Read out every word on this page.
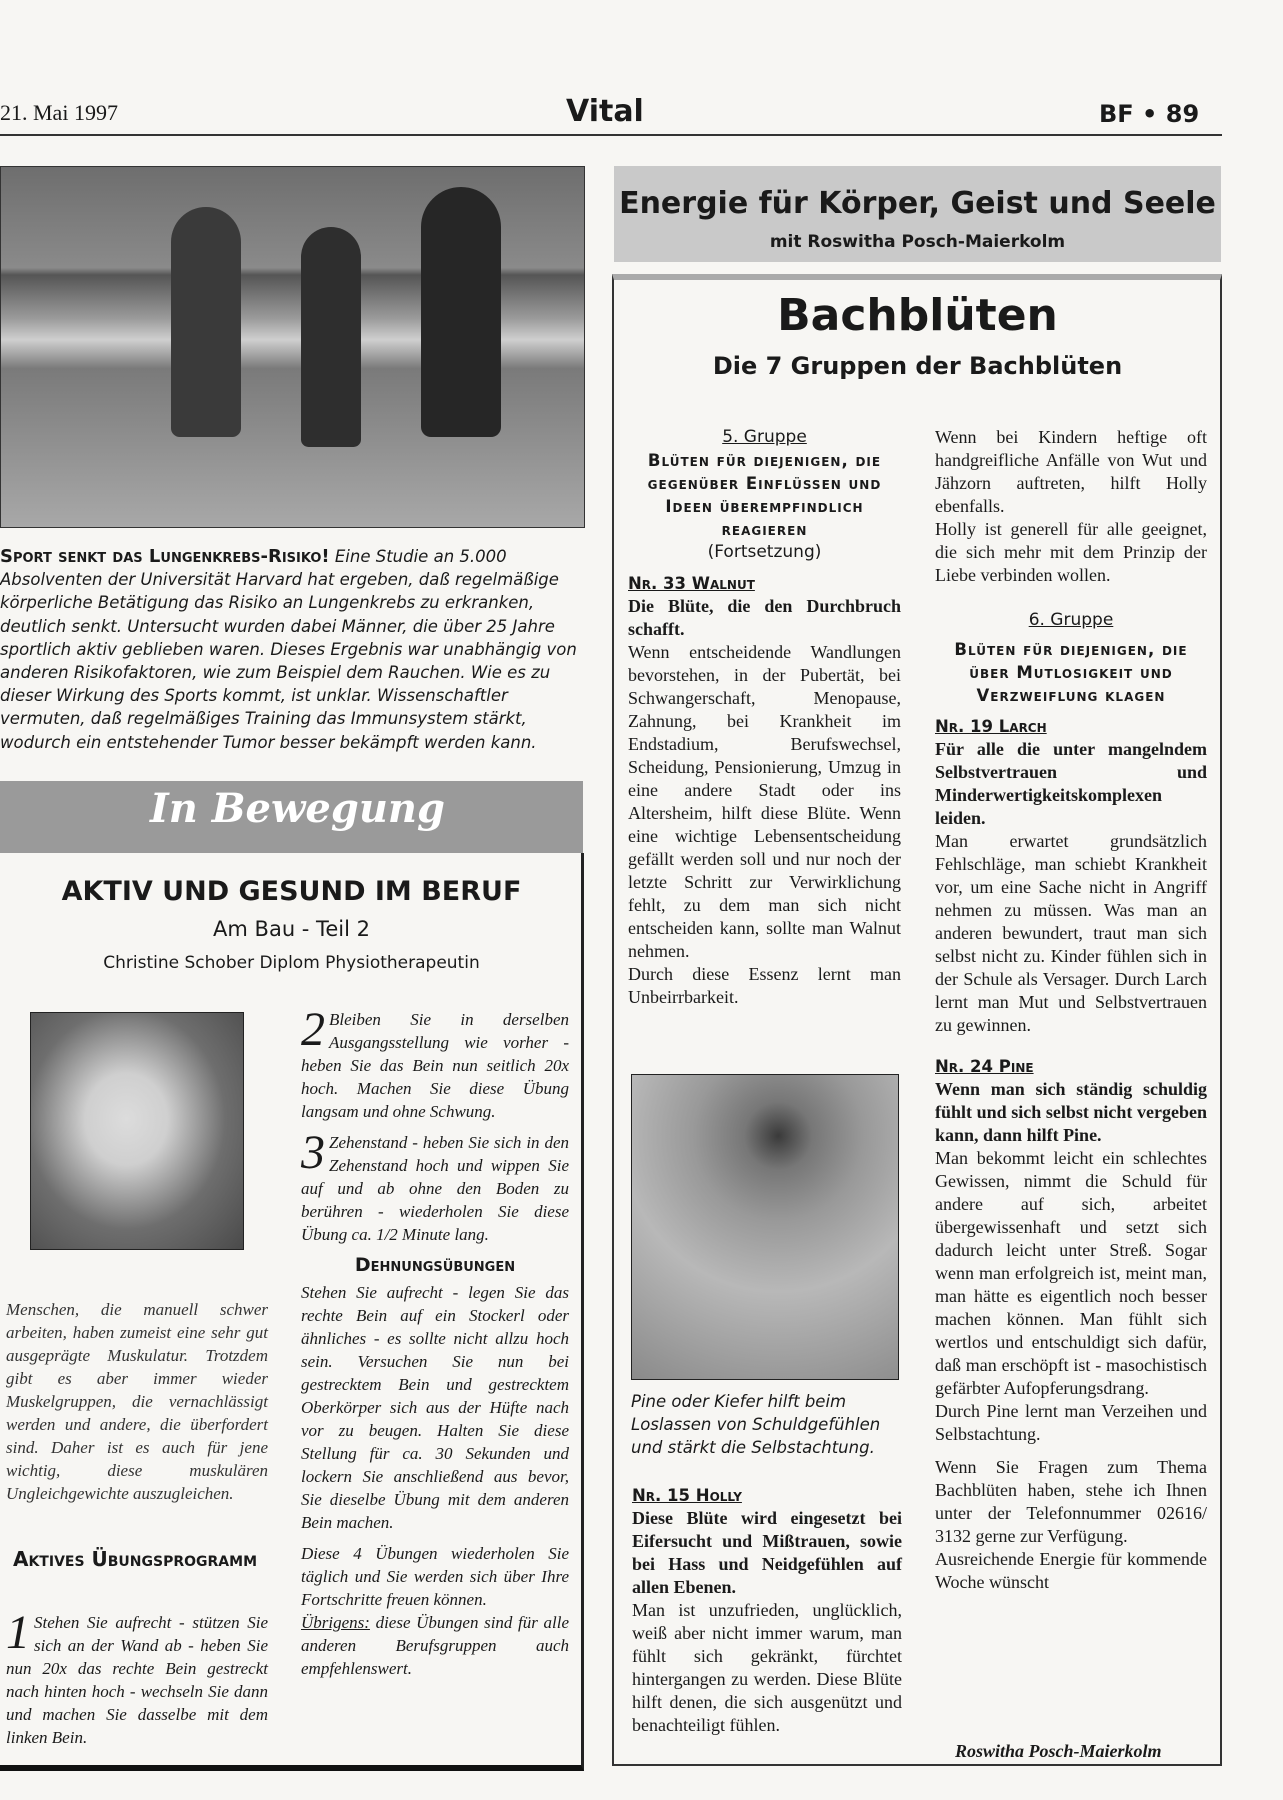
21. Mai 1997	Vital	BF • 89
Sport senkt das Lungenkrebs-Risiko! Eine Studie an 5.000 Absolventen der Universität Harvard hat ergeben, daß regelmäßige körperliche Betätigung das Risiko an Lungenkrebs zu erkranken, deutlich senkt. Untersucht wurden dabei Männer, die über 25 Jahre sportlich aktiv geblieben waren. Dieses Ergebnis war unabhängig von anderen Risikofaktoren, wie zum Beispiel dem Rauchen. Wie es zu dieser Wirkung des Sports kommt, ist unklar. Wissenschaftler vermuten, daß regelmäßiges Training das Immunsystem stärkt, wodurch ein entstehender Tumor besser bekämpft werden kann.
In Bewegung
AKTIV UND GESUND IM BERUF
Am Bau - Teil 2
Christine Schober Diplom Physiotherapeutin
Menschen, die manuell schwer arbeiten, haben zumeist eine sehr gut ausgeprägte Muskulatur. Trotzdem gibt es aber immer wieder Muskelgruppen, die vernachlässigt werden und andere, die überfordert sind. Daher ist es auch für jene wichtig, diese muskulären Ungleichgewichte auszugleichen.
Aktives Übungsprogramm
1 Stehen Sie aufrecht - stützen Sie sich an der Wand ab - heben Sie nun 20x das rechte Bein gestreckt nach hinten hoch - wechseln Sie dann und machen Sie dasselbe mit dem linken Bein.

2 Bleiben Sie in derselben Ausgangsstellung wie vorher - heben Sie das Bein nun seitlich 20x hoch. Machen Sie diese Übung langsam und ohne Schwung.

3 Zehenstand - heben Sie sich in den Zehenstand hoch und wippen Sie auf und ab ohne den Boden zu berühren - wiederholen Sie diese Übung ca. 1/2 Minute lang.

Dehnungsübungen

Stehen Sie aufrecht - legen Sie das rechte Bein auf ein Stockerl oder ähnliches - es sollte nicht allzu hoch sein. Versuchen Sie nun bei gestrecktem Bein und gestrecktem Oberkörper sich aus der Hüfte nach vor zu beugen. Halten Sie diese Stellung für ca. 30 Sekunden und lockern Sie anschließend aus bevor, Sie dieselbe Übung mit dem anderen Bein machen.

Diese 4 Übungen wiederholen Sie täglich und Sie werden sich über Ihre Fortschritte freuen können.

Übrigens: diese Übungen sind für alle anderen Berufsgruppen auch empfehlenswert.

Energie für Körper, Geist und Seele
mit Roswitha Posch-Maierkolm
Bachblüten
Die 7 Gruppen der Bachblüten

5. Gruppe

Blüten für diejenigen, die gegenüber Einflüssen und Ideen überempfindlich reagieren

(Fortsetzung)

Nr. 33 Walnut

Die Blüte, die den Durchbruch schafft.

Wenn entscheidende Wandlungen bevorstehen, in der Pubertät, bei Schwangerschaft, Menopause, Zahnung, bei Krankheit im Endstadium, Berufswechsel, Scheidung, Pensionierung, Umzug in eine andere Stadt oder ins Altersheim, hilft diese Blüte. Wenn eine wichtige Lebensentscheidung gefällt werden soll und nur noch der letzte Schritt zur Verwirklichung fehlt, zu dem man sich nicht entscheiden kann, sollte man Walnut nehmen.

Durch diese Essenz lernt man Unbeirrbarkeit.

Pine oder Kiefer hilft beim Loslassen von Schuldgefühlen und stärkt die Selbstachtung.

Nr. 15 Holly

Diese Blüte wird eingesetzt bei Eifersucht und Mißtrauen, sowie bei Hass und Neidgefühlen auf allen Ebenen.

Man ist unzufrieden, unglücklich, weiß aber nicht immer warum, man fühlt sich gekränkt, fürchtet hintergangen zu werden. Diese Blüte hilft denen, die sich ausgenützt und benachteiligt fühlen.

Wenn bei Kindern heftige oft handgreifliche Anfälle von Wut und Jähzorn auftreten, hilft Holly ebenfalls.

Holly ist generell für alle geeignet, die sich mehr mit dem Prinzip der Liebe verbinden wollen.

6. Gruppe

Blüten für diejenigen, die über Mutlosigkeit und Verzweiflung klagen

Nr. 19 Larch

Für alle die unter mangelndem Selbstvertrauen und Minderwertigkeitskomplexen leiden.

Man erwartet grundsätzlich Fehlschläge, man schiebt Krankheit vor, um eine Sache nicht in Angriff nehmen zu müssen. Was man an anderen bewundert, traut man sich selbst nicht zu. Kinder fühlen sich in der Schule als Versager. Durch Larch lernt man Mut und Selbstvertrauen zu gewinnen.

Nr. 24 Pine

Wenn man sich ständig schuldig fühlt und sich selbst nicht vergeben kann, dann hilft Pine.

Man bekommt leicht ein schlechtes Gewissen, nimmt die Schuld für andere auf sich, arbeitet übergewissenhaft und setzt sich dadurch leicht unter Streß. Sogar wenn man erfolgreich ist, meint man, man hätte es eigentlich noch besser machen können. Man fühlt sich wertlos und entschuldigt sich dafür, daß man erschöpft ist - masochistisch gefärbter Aufopferungsdrang.

Durch Pine lernt man Verzeihen und Selbstachtung.

Wenn Sie Fragen zum Thema Bachblüten haben, stehe ich Ihnen unter der Telefonnummer 02616/ 3132 gerne zur Verfügung.

Ausreichende Energie für kommende Woche wünscht

Roswitha Posch-Maierkolm
